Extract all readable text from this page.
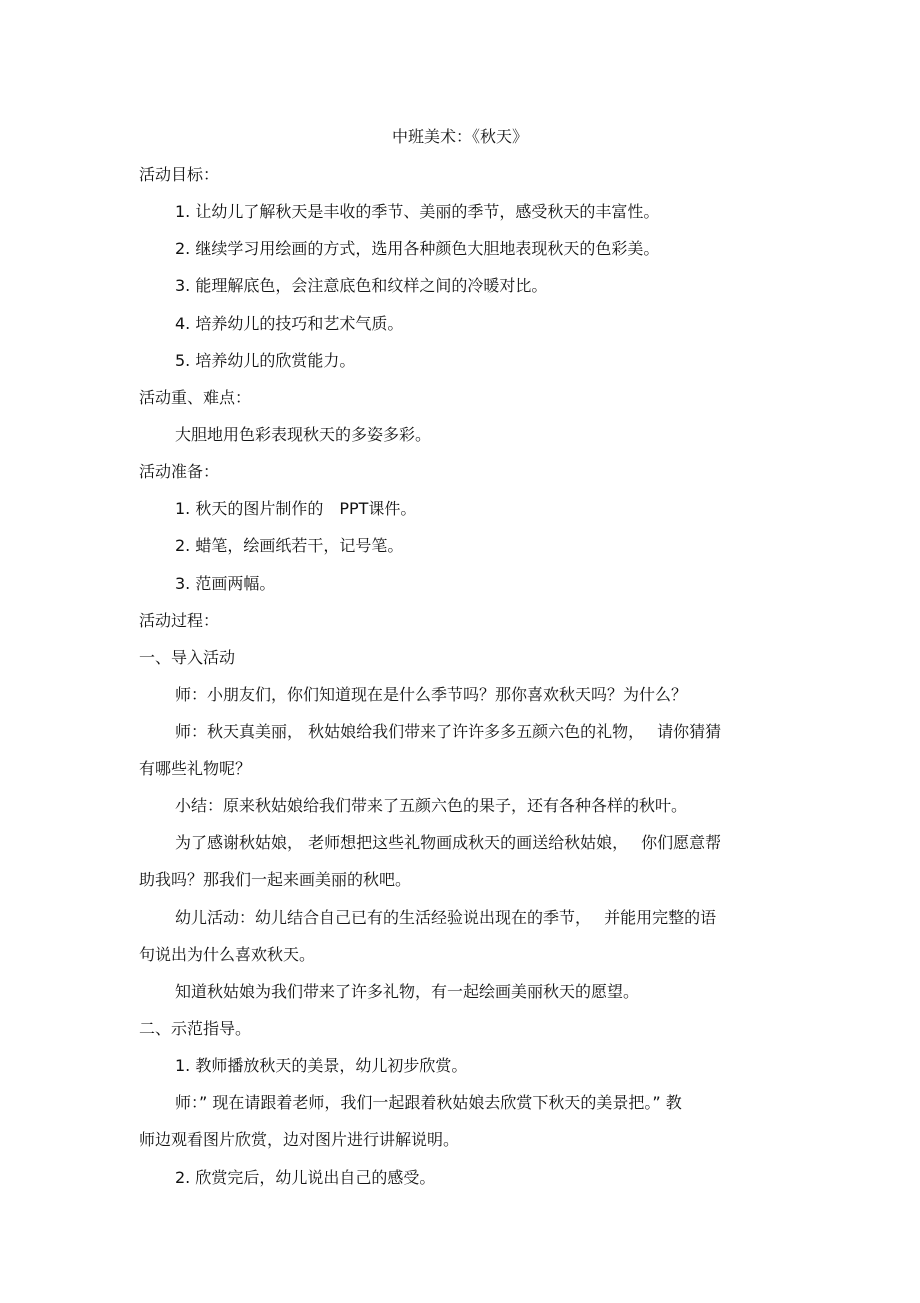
中班美术：《秋天》
活动目标：
1. 让幼儿了解秋天是丰收的季节、美丽的季节，感受秋天的丰富性。
2. 继续学习用绘画的方式，选用各种颜色大胆地表现秋天的色彩美。
3. 能理解底色，会注意底色和纹样之间的冷暖对比。
4. 培养幼儿的技巧和艺术气质。
5. 培养幼儿的欣赏能力。
活动重、难点：
大胆地用色彩表现秋天的多姿多彩。
活动准备：
1. 秋天的图片制作的　PPT课件。
2. 蜡笔，绘画纸若干，记号笔。
3. 范画两幅。
活动过程：
一、导入活动
师：小朋友们，你们知道现在是什么季节吗？那你喜欢秋天吗？为什么？
师：秋天真美丽， 秋姑娘给我们带来了许许多多五颜六色的礼物，　 请你猜猜
有哪些礼物呢？
小结：原来秋姑娘给我们带来了五颜六色的果子，还有各种各样的秋叶。
为了感谢秋姑娘， 老师想把这些礼物画成秋天的画送给秋姑娘，　 你们愿意帮
助我吗？那我们一起来画美丽的秋吧。
幼儿活动：幼儿结合自己已有的生活经验说出现在的季节，　 并能用完整的语
句说出为什么喜欢秋天。
知道秋姑娘为我们带来了许多礼物，有一起绘画美丽秋天的愿望。
二、示范指导。
1. 教师播放秋天的美景，幼儿初步欣赏。
师：” 现在请跟着老师，我们一起跟着秋姑娘去欣赏下秋天的美景把。” 教
师边观看图片欣赏，边对图片进行讲解说明。
2. 欣赏完后，幼儿说出自己的感受。
